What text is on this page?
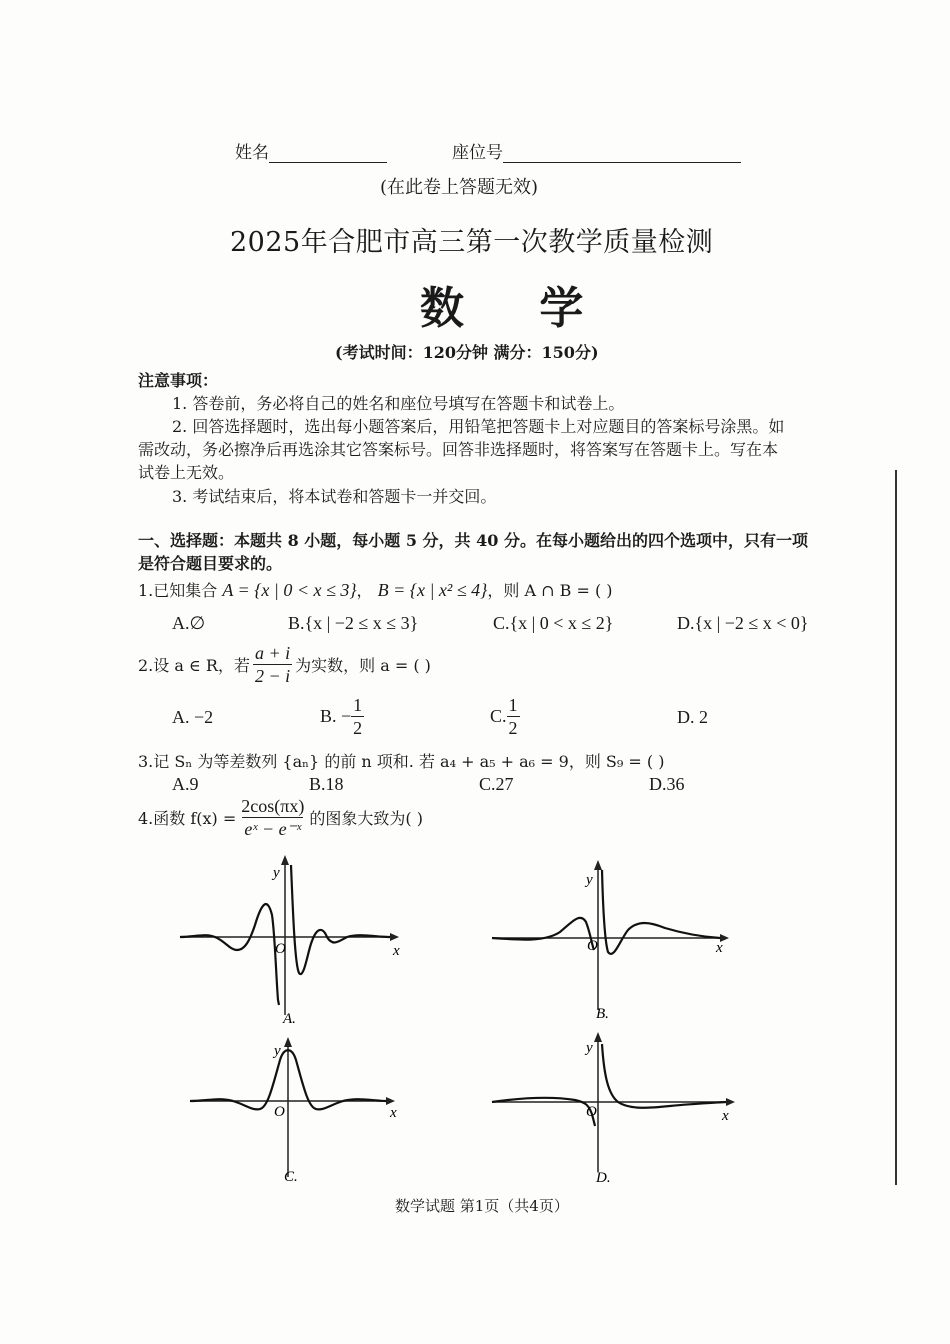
姓名	座位号
(在此卷上答题无效)
2025年合肥市高三第一次教学质量检测
数 学
(考试时间：120分钟 满分：150分)
注意事项：
1. 答卷前，务必将自己的姓名和座位号填写在答题卡和试卷上。
2. 回答选择题时，选出每小题答案后，用铅笔把答题卡上对应题目的答案标号涂黑。如
需改动，务必擦净后再选涂其它答案标号。回答非选择题时，将答案写在答题卡上。写在本
试卷上无效。
3. 考试结束后，将本试卷和答题卡一并交回。
一、选择题：本题共 8 小题，每小题 5 分，共 40 分。在每小题给出的四个选项中，只有一项
是符合题目要求的。
1.已知集合 A = {x | 0 < x ≤ 3}， B = {x | x² ≤ 4}，则 A ∩ B = ( )
A.∅	B.{x | −2 ≤ x ≤ 3}	C.{x | 0 < x ≤ 2}	D.{x | −2 ≤ x < 0}
2.设 a ∈ R，若 $\frac{a + i}{2 - i}$ 为实数，则 a = ( )
A. −2	B. − $\frac{1}{2}$	C. $\frac{1}{2}$	D. 2
3.记 Sₙ 为等差数列 {aₙ} 的前 n 项和. 若 a₄ + a₅ + a₆ = 9，则 S₉ = ( )
A.9	B.18	C.27	D.36
4.函数 $f(x) = \frac{2\cos(\pi x)}{\text{eˣ − e⁻ˣ}}$ 的图象大致为( )
O
y
x
A.
O
y
x
B.
O
y
x
C.
O
y
x
D.
数学试题 第1页（共4页）
